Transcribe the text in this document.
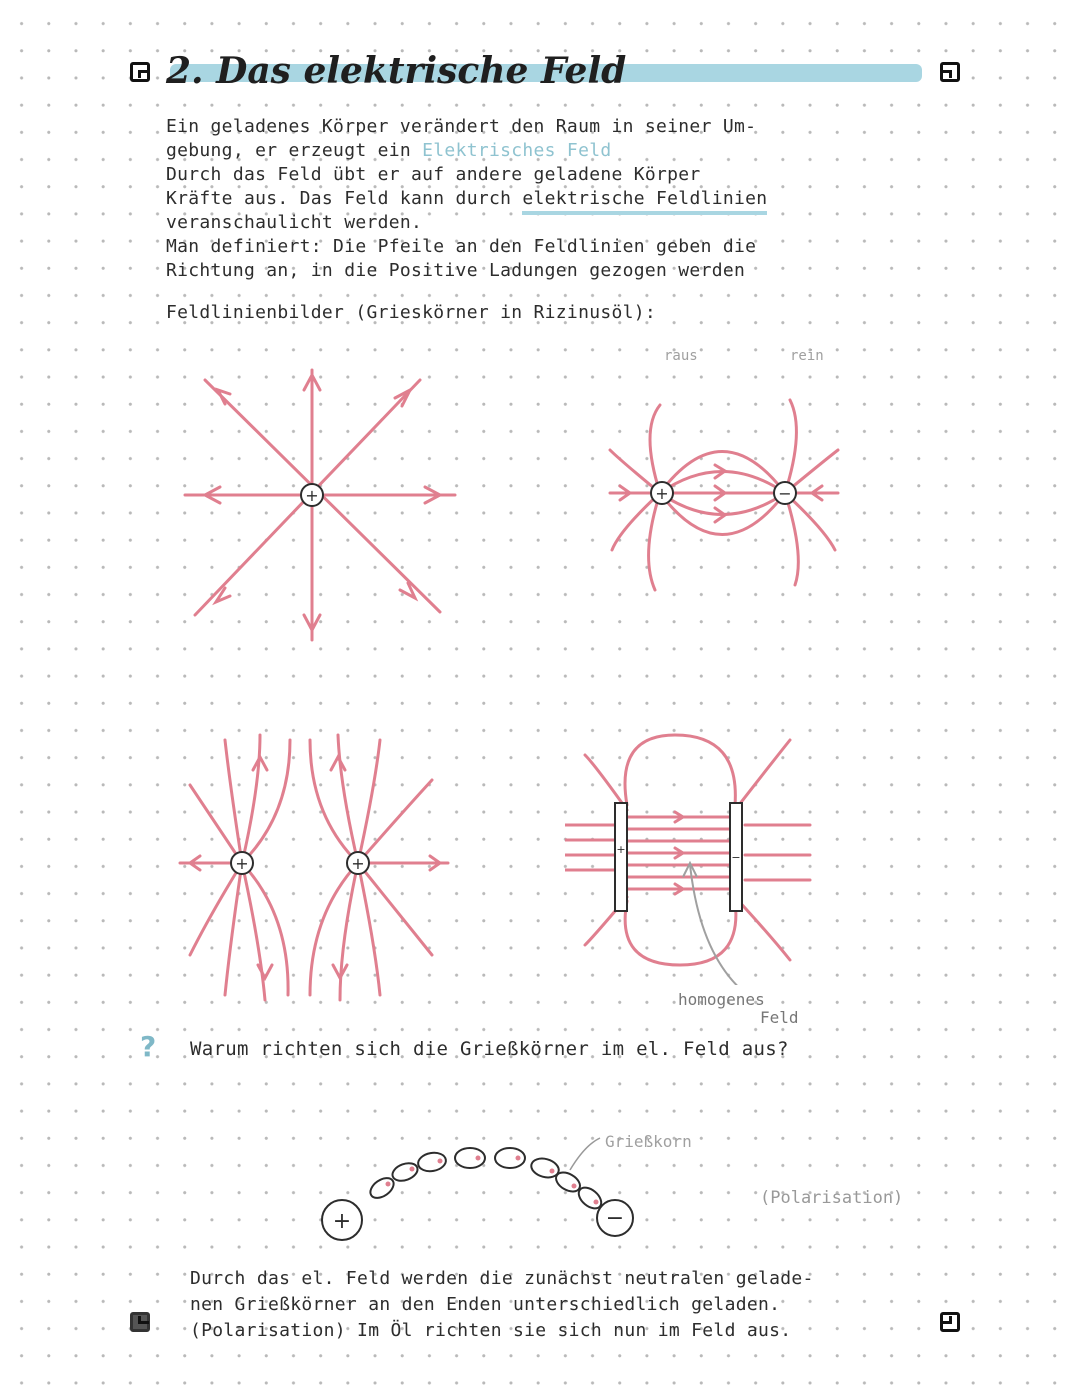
2. Das elektrische Feld
Ein geladenes Körper verändert den Raum in seiner Um-
gebung, er erzeugt ein Elektrisches Feld
Durch das Feld übt er auf andere geladene Körper
Kräfte aus. Das Feld kann durch elektrische Feldlinien
veranschaulicht werden.
Man definiert: Die Pfeile an den Feldlinien geben die
Richtung an, in die Positive Ladungen gezogen werden
Feldlinienbilder (Grieskörner in Rizinusöl):
+
raus	rein
+	−
+	+
+
−
homogenes
Feld
? Warum richten sich die Grießkörner im el. Feld aus?
Grießkorn
+	−
(Polarisation)
Durch das el. Feld werden die zunächst neutralen gelade-
nen Grießkörner an den Enden unterschiedlich geladen.
(Polarisation) Im Öl richten sie sich nun im Feld aus.
